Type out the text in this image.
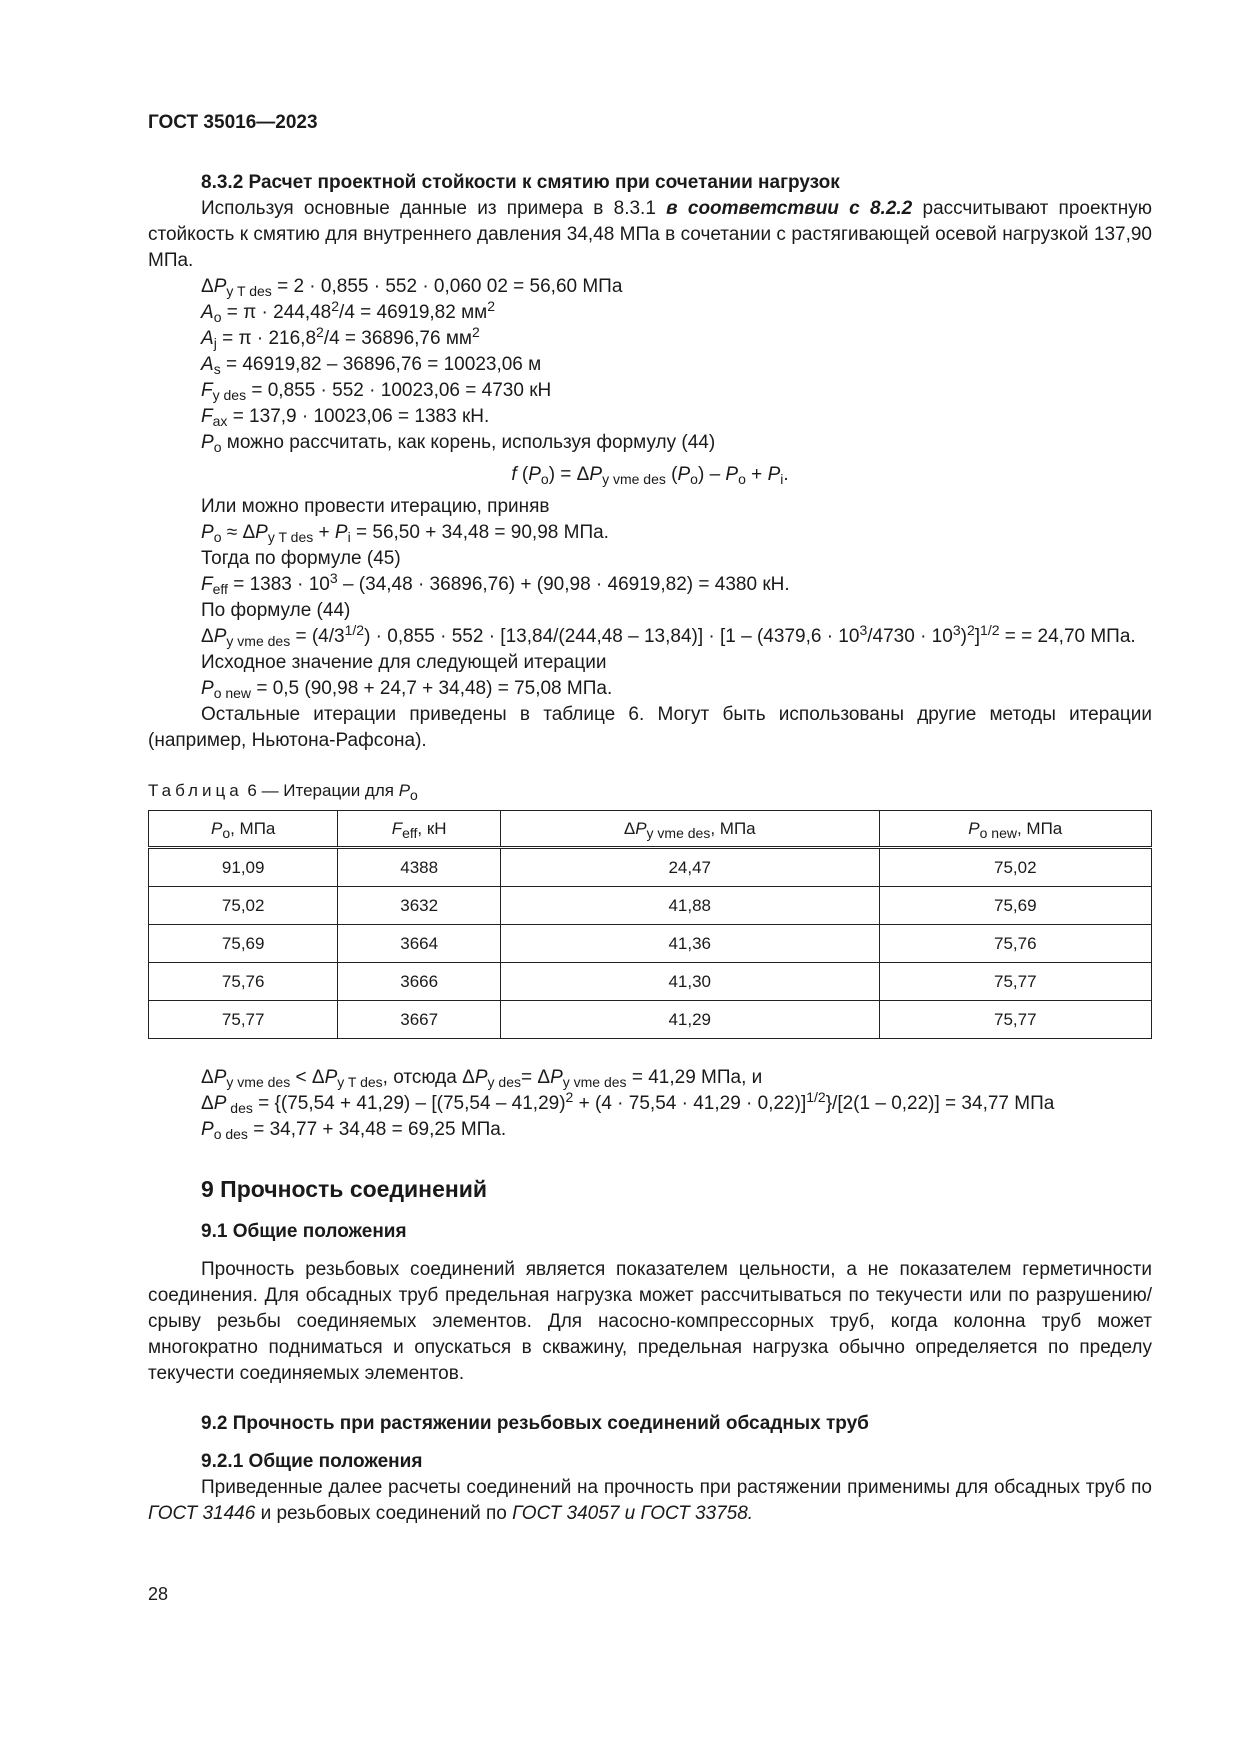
ГОСТ 35016—2023

8.3.2 Расчет проектной стойкости к смятию при сочетании нагрузок

Используя основные данные из примера в 8.3.1 в соответствии с 8.2.2 рассчитывают проектную стойкость к смятию для внутреннего давления 34,48 МПа в сочетании с растягивающей осевой нагрузкой 137,90 МПа.

$\Delta P_{y T des} = 2 \cdot 0,855 \cdot 552 \cdot 0,060$ 02 = 56,60 МПа

$A_o = \pi \cdot 244,48^2/4 = 46919,82$ $мм^2$

$A_j = \pi \cdot 216,8^2/4 = 36896,76$ $мм^2$

$A_s = 46919,82 - 36896,76 = 10023,06$ м

$F_{y des} = 0,855 \cdot 552 \cdot 10023,06 = 4730$ кН

$F_{ax} = 137,9 \cdot 10023,06 = 1383$ кН.

$P_o$ можно рассчитать, как корень, используя формулу (44)

f $(P_o) = \Delta P_{y vme des}$ $(P_o) - P_o + P_i$.

Или можно провести итерацию, приняв

$P_o \approx \Delta P_{y T des} + P_i = 56,50 + 34,48 = 90,98$ МПа.

Тогда по формуле (45)

$F_{eff} = 1383 \cdot 10^3 - (34,48 \cdot 36896,76) + (90,98 \cdot 46919,82) = 4380$ кН.

По формуле (44)

$\Delta P_{y vme des} = (4/3^{1/2}) \cdot 0,855 \cdot 552 \cdot [13,84/(244,48 - 13,84)] \cdot [1 - (4379,6 \cdot 10^3/4730 \cdot 10^3)^2]^{1/2}$ = = 24,70 МПа.

Исходное значение для следующей итерации

$P_{o new} = 0,5$ (90,98 + 24,7 + 34,48) = 75,08 МПа.

Остальные итерации приведены в таблице 6. Могут быть использованы другие методы итерации (например, Ньютона-Рафсона).

Таблица 6 — Итерации для $P_o$
$P_o$, МПа	$F_{eff}$, кН	$\Delta P_{y vme des}$, МПа	$P_{o new}$, МПа
91,09	4388	24,47	75,02
75,02	3632	41,88	75,69
75,69	3664	41,36	75,76
75,76	3666	41,30	75,77
75,77	3667	41,29	75,77

$\Delta P_{y vme des} < \Delta P_{y T des}$, отсюда $\Delta P_{y des}= \Delta P_{y vme des} = 41,29$ МПа, и

ΔP $_{des} = \{(75,54 + 41,29) - [(75,54 - 41,29)^2 + (4 \cdot 75,54 \cdot 41,29 \cdot 0,22)]^{1/2}\}/[2(1 - 0,22)] = 34,77$ МПа

$P_{o des} = 34,77 + 34,48 = 69,25$ МПа.

9 Прочность соединений

9.1 Общие положения

Прочность резьбовых соединений является показателем цельности, а не показателем герметичности соединения. Для обсадных труб предельная нагрузка может рассчитываться по текучести или по разрушению/срыву резьбы соединяемых элементов. Для насосно-компрессорных труб, когда колонна труб может многократно подниматься и опускаться в скважину, предельная нагрузка обычно определяется по пределу текучести соединяемых элементов.

9.2 Прочность при растяжении резьбовых соединений обсадных труб

9.2.1 Общие положения

Приведенные далее расчеты соединений на прочность при растяжении применимы для обсадных труб по ГОСТ 31446 и резьбовых соединений по ГОСТ 34057 и ГОСТ 33758.

28
